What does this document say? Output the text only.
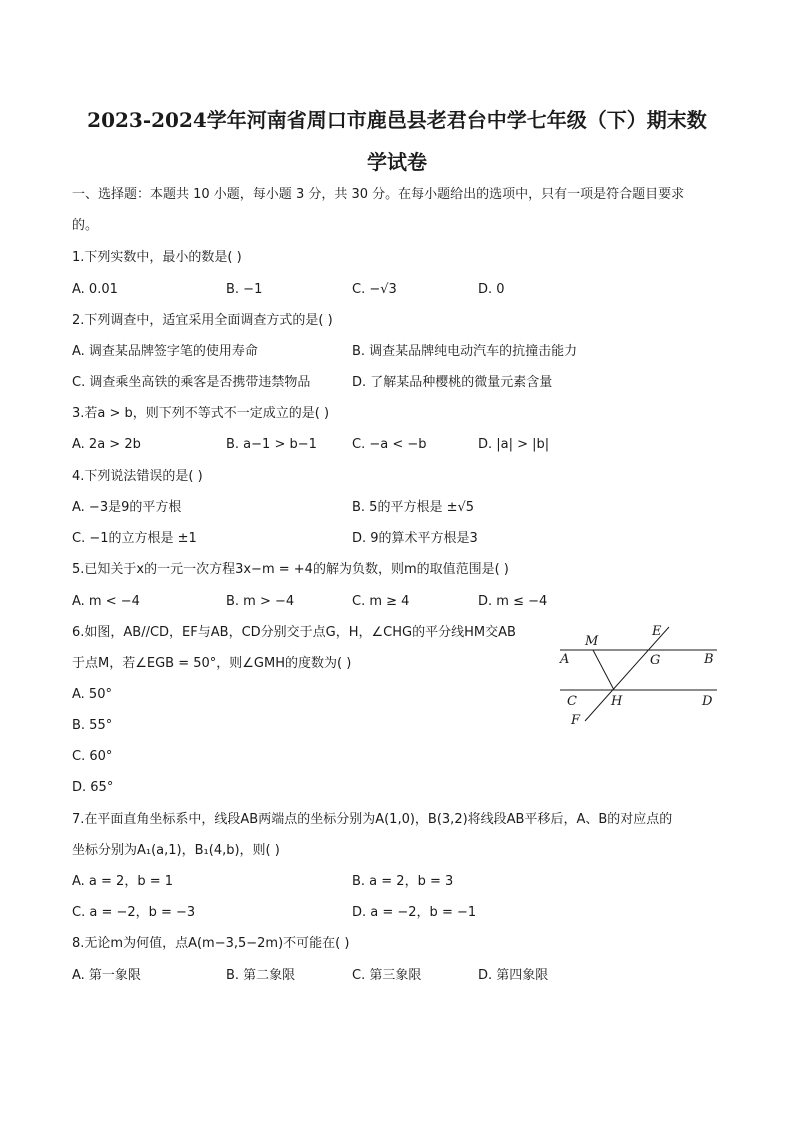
2023-2024学年河南省周口市鹿邑县老君台中学七年级（下）期末数
学试卷
一、选择题：本题共 10 小题，每小题 3 分，共 30 分。在每小题给出的选项中，只有一项是符合题目要求
的。
1.下列实数中，最小的数是( )
A. 0.01	B. −1	C. −√3	D. 0
2.下列调查中，适宜采用全面调查方式的是( )
A. 调查某品牌签字笔的使用寿命	B. 调查某品牌纯电动汽车的抗撞击能力
C. 调查乘坐高铁的乘客是否携带违禁物品	D. 了解某品种樱桃的微量元素含量
3.若a > b，则下列不等式不一定成立的是( )
A. 2a > 2b	B. a−1 > b−1	C. −a < −b	D. |a| > |b|
4.下列说法错误的是( )
A. −3是9的平方根	B. 5的平方根是 ±√5
C. −1的立方根是 ±1	D. 9的算术平方根是3
5.已知关于x的一元一次方程3x−m = +4的解为负数，则m的取值范围是( )
A. m < −4	B. m > −4	C. m ≥ 4	D. m ≤ −4
6.如图，AB//CD，EF与AB，CD分别交于点G，H，∠CHG的平分线HM交AB
于点M，若∠EGB = 50°，则∠GMH的度数为( )
A. 50°
B. 55°
C. 60°
D. 65°
M
E
A	G	B
C	H	D
F
7.在平面直角坐标系中，线段AB两端点的坐标分别为A(1,0)，B(3,2)将线段AB平移后，A、B的对应点的
坐标分别为A₁(a,1)，B₁(4,b)，则( )
A. a = 2，b = 1	B. a = 2，b = 3
C. a = −2，b = −3	D. a = −2，b = −1
8.无论m为何值，点A(m−3,5−2m)不可能在( )
A. 第一象限	B. 第二象限	C. 第三象限	D. 第四象限
